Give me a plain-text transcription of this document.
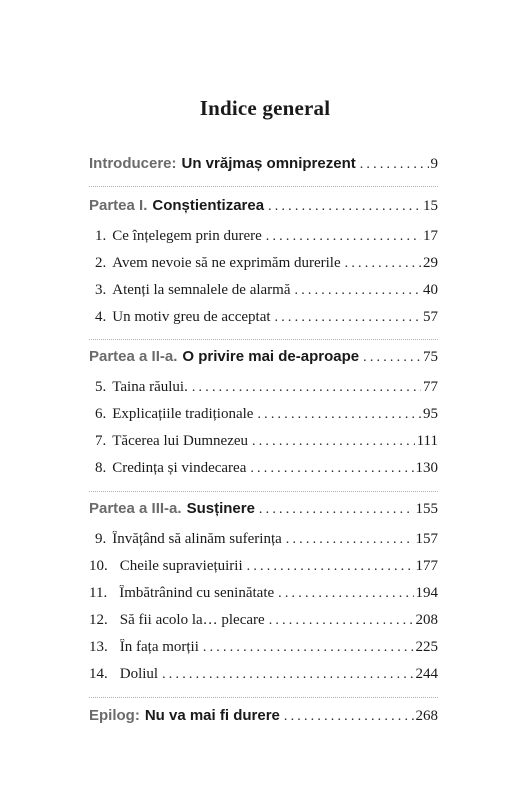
Indice general
Introducere: Un vrăjmaș omniprezent .....	9
Partea I. Conștientizarea .....	15
1. Ce înțelegem prin durere .....	17
2. Avem nevoie să ne exprimăm durerile .....	29
3. Atenți la semnalele de alarmă .....	40
4. Un motiv greu de acceptat .....	57
Partea a II-a. O privire mai de-aproape .....	75
5. Taina răului. .....	77
6. Explicațiile tradiționale .....	95
7. Tăcerea lui Dumnezeu .....	111
8. Credința și vindecarea .....	130
Partea a III-a. Susținere .....	155
9. Învățând să alinăm suferința .....	157
10. Cheile supraviețuirii .....	177
11. Îmbătrânind cu seninătate .....	194
12. Să fii acolo la… plecare .....	208
13. În fața morții .....	225
14. Doliul .....	244
Epilog: Nu va mai fi durere .....	268
